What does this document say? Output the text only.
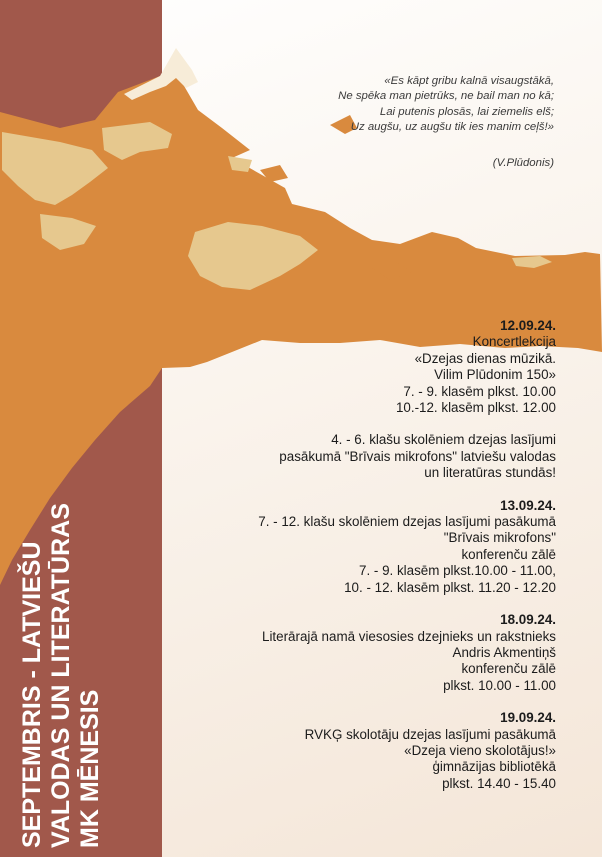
SEPTEMBRIS - LATVIEŠU VALODAS UN LITERATŪRAS MK MĒNESIS
«Es kāpt gribu kalnā visaugstākā,
Ne spēka man pietrūks, ne bail man no kā;
Lai putenis plosās, lai ziemelis elš;
Uz augšu, uz augšu tik ies manim ceļš!»
(V.Plūdonis)
12.09.24.
Koncertlekcija
«Dzejas dienas mūzikā.
Vilim Plūdonim 150»
7. - 9. klasēm plkst. 10.00
10.-12. klasēm plkst. 12.00
4. - 6. klašu skolēniem dzejas lasījumi
pasākumā "Brīvais mikrofons" latviešu valodas
un literatūras stundās!
13.09.24.
7. - 12. klašu skolēniem dzejas lasījumi pasākumā
"Brīvais mikrofons"
konferenču zālē
7. - 9. klasēm plkst.10.00 - 11.00,
10. - 12. klasēm plkst. 11.20 - 12.20
18.09.24.
Literārajā namā viesosies dzejnieks un rakstnieks
Andris Akmentiņš
konferenču zālē
plkst. 10.00 - 11.00
19.09.24.
RVKĢ skolotāju dzejas lasījumi pasākumā
«Dzeja vieno skolotājus!»
ģimnāzijas bibliotēkā
plkst. 14.40 - 15.40
